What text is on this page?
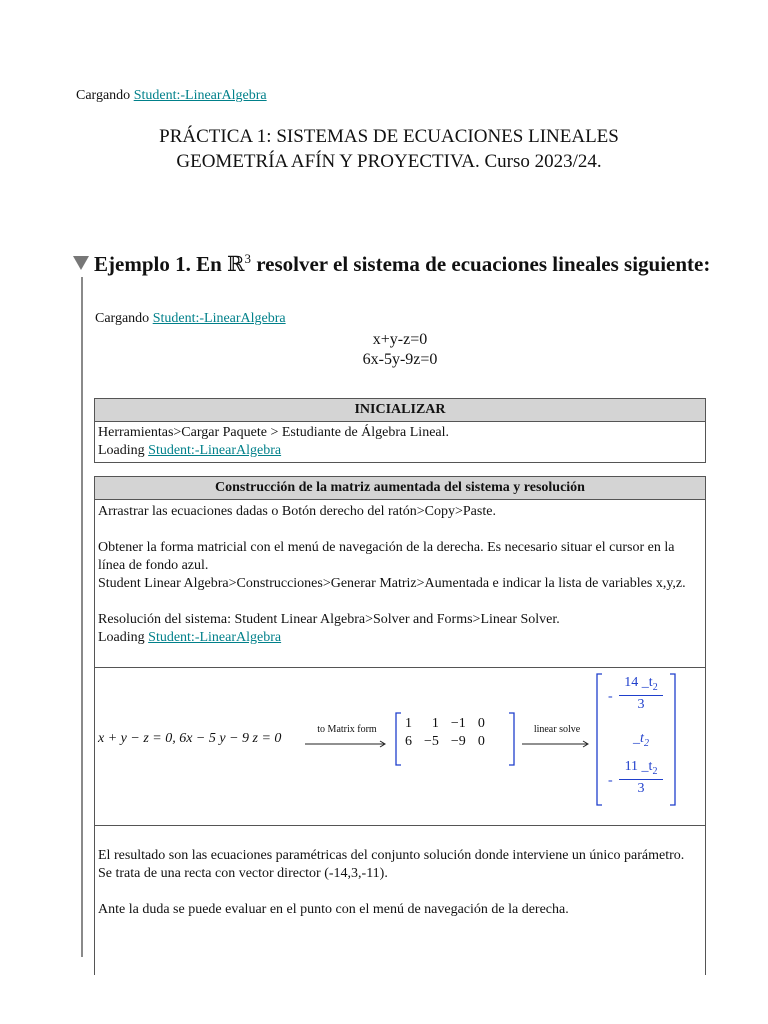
Cargando Student:-LinearAlgebra
PRÁCTICA 1: SISTEMAS DE ECUACIONES LINEALES
GEOMETRÍA AFÍN Y PROYECTIVA. Curso 2023/24.
Ejemplo 1. En ℝ$^3$ resolver el sistema de ecuaciones lineales siguiente:
Cargando Student:-LinearAlgebra
x+y-z=0
6x-5y-9z=0
INICIALIZAR
Herramientas>Cargar Paquete > Estudiante de Álgebra Lineal.
Loading Student:-LinearAlgebra
Construcción de la matriz aumentada del sistema y resolución
Arrastrar las ecuaciones dadas o Botón derecho del ratón>Copy>Paste.
Obtener la forma matricial con el menú de navegación de la derecha. Es necesario situar el cursor en la línea de fondo azul.
Student Linear Algebra>Construcciones>Generar Matriz>Aumentada e indicar la lista de variables x,y,z.
Resolución del sistema: Student Linear Algebra>Solver and Forms>Linear Solver.
Loading Student:-LinearAlgebra
x + y − z = 0, 6x − 5 y − 9 z = 0
to Matrix form	1	1	−1	0
6	−5	−9	0
linear solve
-
14 $\_t_2$
3
$\_t_2$
-
11 $\_t_2$
3
El resultado son las ecuaciones paramétricas del conjunto solución donde interviene un único parámetro.
Se trata de una recta con vector director (-14,3,-11).
Ante la duda se puede evaluar en el punto con el menú de navegación de la derecha.
